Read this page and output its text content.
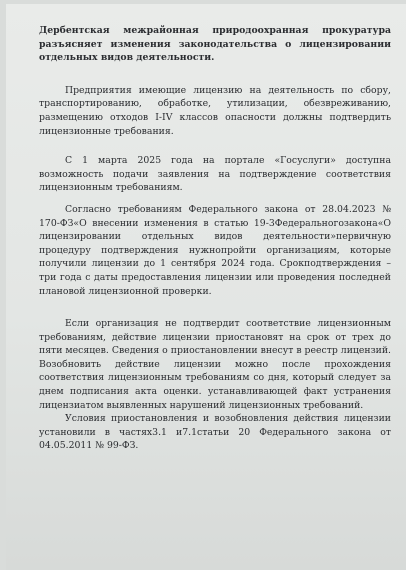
Дербентская межрайонная природоохранная прокуратура разъясняет изменения законодательства о лицензировании отдельных видов деятельности.

Предприятия имеющие лицензию на деятельность по сбору, транспортированию, обработке, утилизации, обезвреживанию, размещению отходов I-IV классов опасности должны подтвердить лицензионные требования.

С 1 марта 2025 года на портале «Госуслуги» доступна возможность подачи заявления на подтверждение соответствия лицензионным требованиям.

Согласно требованиям Федерального закона от 28.04.2023 № 170-ФЗ«О внесении изменения в статью 19-3Федеральногозакона«О лицензировании отдельных видов деятельности»первичную процедуру подтверждения нужнопройти организациям, которые получили лицензии до 1 сентября 2024 года. Срокподтверждения –три года с даты предоставления лицензии или проведения последней плановой лицензионной проверки.

Если организация не подтвердит соответствие лицензионным требованиям, действие лицензии приостановят на срок от трех до пяти месяцев. Сведения о приостановлении внесут в реестр лицензий. Возобновить действие лицензии можно после прохождения соответствия лицензионным требованиям со дня, который следует за днем подписания акта оценки. устанавливающей факт устранения лицензиатом выявленных нарушений лицензионных требований.

Условия приостановления и возобновления действия лицензии установили в частях3.1 и7.1статьи 20 Федерального закона от 04.05.2011 № 99-ФЗ.
